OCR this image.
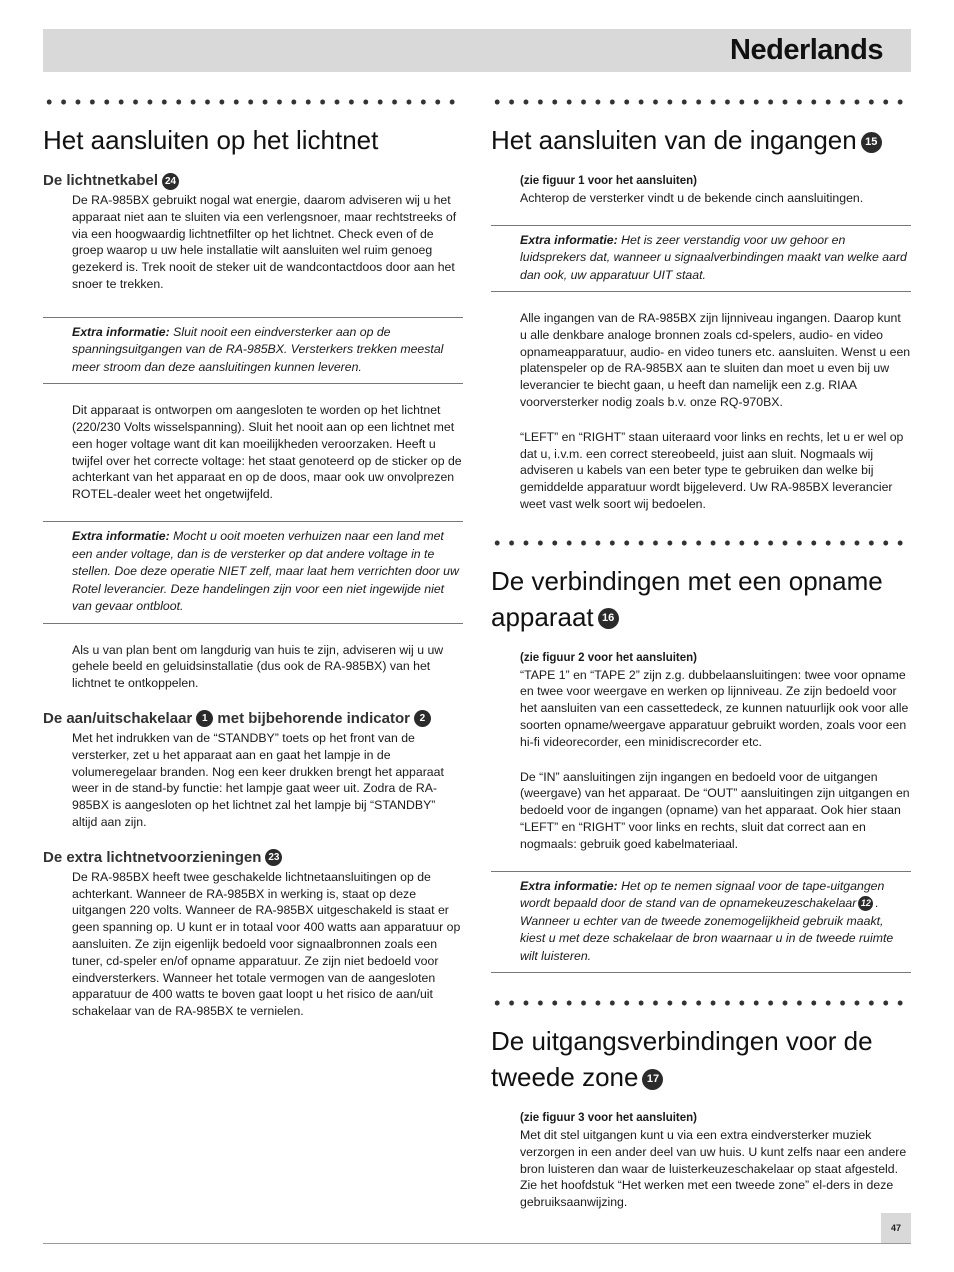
Nederlands
Het aansluiten op het lichtnet
De lichtnetkabel 24

De RA-985BX gebruikt nogal wat energie, daarom adviseren wij u het apparaat niet aan te sluiten via een verlengsnoer, maar rechtstreeks of via een hoogwaardig lichtnetfilter op het lichtnet. Check even of de groep waarop u uw hele installatie wilt aansluiten wel ruim genoeg gezekerd is. Trek nooit de steker uit de wandcontactdoos door aan het snoer te trekken.

Extra informatie: Sluit nooit een eindversterker aan op de spanningsuitgangen van de RA-985BX. Versterkers trekken meestal meer stroom dan deze aansluitingen kunnen leveren.

Dit apparaat is ontworpen om aangesloten te worden op het lichtnet (220/230 Volts wisselspanning). Sluit het nooit aan op een lichtnet met een hoger voltage want dit kan moeilijkheden veroorzaken. Heeft u twijfel over het correcte voltage: het staat genoteerd op de sticker op de achterkant van het apparaat en op de doos, maar ook uw onvolprezen ROTEL-dealer weet het ongetwijfeld.

Extra informatie: Mocht u ooit moeten verhuizen naar een land met een ander voltage, dan is de versterker op dat andere voltage in te stellen. Doe deze operatie NIET zelf, maar laat hem verrichten door uw Rotel leverancier. Deze handelingen zijn voor een niet ingewijde niet van gevaar ontbloot.

Als u van plan bent om langdurig van huis te zijn, adviseren wij u uw gehele beeld en geluidsinstallatie (dus ook de RA-985BX) van het lichtnet te ontkoppelen.

De aan/uitschakelaar 1 met bijbehorende indicator 2

Met het indrukken van de “STANDBY” toets op het front van de versterker, zet u het apparaat aan en gaat het lampje in de volumeregelaar branden. Nog een keer drukken brengt het apparaat weer in de stand-by functie: het lampje gaat weer uit. Zodra de RA-985BX is aangesloten op het lichtnet zal het lampje bij “STANDBY” altijd aan zijn.

De extra lichtnetvoorzieningen 23

De RA-985BX heeft twee geschakelde lichtnetaansluitingen op de achterkant. Wanneer de RA-985BX in werking is, staat op deze uitgangen 220 volts. Wanneer de RA-985BX uitgeschakeld is staat er geen spanning op. U kunt er in totaal voor 400 watts aan apparatuur op aansluiten. Ze zijn eigenlijk bedoeld voor signaalbronnen zoals een tuner, cd-speler en/of opname apparatuur. Ze zijn niet bedoeld voor eindversterkers. Wanneer het totale vermogen van de aangesloten apparatuur de 400 watts te boven gaat loopt u het risico de aan/uit schakelaar van de RA-985BX te vernielen.

Het aansluiten van de ingangen 15

(zie figuur 1 voor het aansluiten)
Achterop de versterker vindt u de bekende cinch aansluitingen.

Extra informatie: Het is zeer verstandig voor uw gehoor en luidsprekers dat, wanneer u signaalverbindingen maakt van welke aard dan ook, uw apparatuur UIT staat.

Alle ingangen van de RA-985BX zijn lijnniveau ingangen. Daarop kunt u alle denkbare analoge bronnen zoals cd-spelers, audio- en video opnameapparatuur, audio- en video tuners etc. aansluiten. Wenst u een platenspeler op de RA-985BX aan te sluiten dan moet u even bij uw leverancier te biecht gaan, u heeft dan namelijk een z.g. RIAA voorversterker nodig zoals b.v. onze RQ-970BX.

“LEFT” en “RIGHT” staan uiteraard voor links en rechts, let u er wel op dat u, i.v.m. een correct stereobeeld, juist aan sluit. Nogmaals wij adviseren u kabels van een beter type te gebruiken dan welke bij gemiddelde apparatuur wordt bijgeleverd. Uw RA-985BX leverancier weet vast welk soort wij bedoelen.

De verbindingen met een opname apparaat 16

(zie figuur 2 voor het aansluiten)
“TAPE 1” en “TAPE 2” zijn z.g. dubbelaansluitingen: twee voor opname en twee voor weergave en werken op lijnniveau. Ze zijn bedoeld voor het aansluiten van een cassettedeck, ze kunnen natuurlijk ook voor alle soorten opname/weergave apparatuur gebruikt worden, zoals voor een hi-fi videorecorder, een minidiscrecorder etc.

De “IN” aansluitingen zijn ingangen en bedoeld voor de uitgangen (weergave) van het apparaat. De “OUT” aansluitingen zijn uitgangen en bedoeld voor de ingangen (opname) van het apparaat. Ook hier staan “LEFT” en “RIGHT” voor links en rechts, sluit dat correct aan en nogmaals: gebruik goed kabelmateriaal.

Extra informatie: Het op te nemen signaal voor de tape-uitgangen wordt bepaald door de stand van de opnamekeuzeschakelaar 12 . Wanneer u echter van de tweede zonemogelijkheid gebruik maakt, kiest u met deze schakelaar de bron waarnaar u in de tweede ruimte wilt luisteren.
De uitgangsverbindingen voor de tweede zone 17

(zie figuur 3 voor het aansluiten)
Met dit stel uitgangen kunt u via een extra eindversterker muziek verzorgen in een ander deel van uw huis. U kunt zelfs naar een andere bron luisteren dan waar de luisterkeuzeschakelaar op staat afgesteld. Zie het hoofdstuk “Het werken met een tweede zone” el-ders in deze gebruiksaanwijzing.

47
